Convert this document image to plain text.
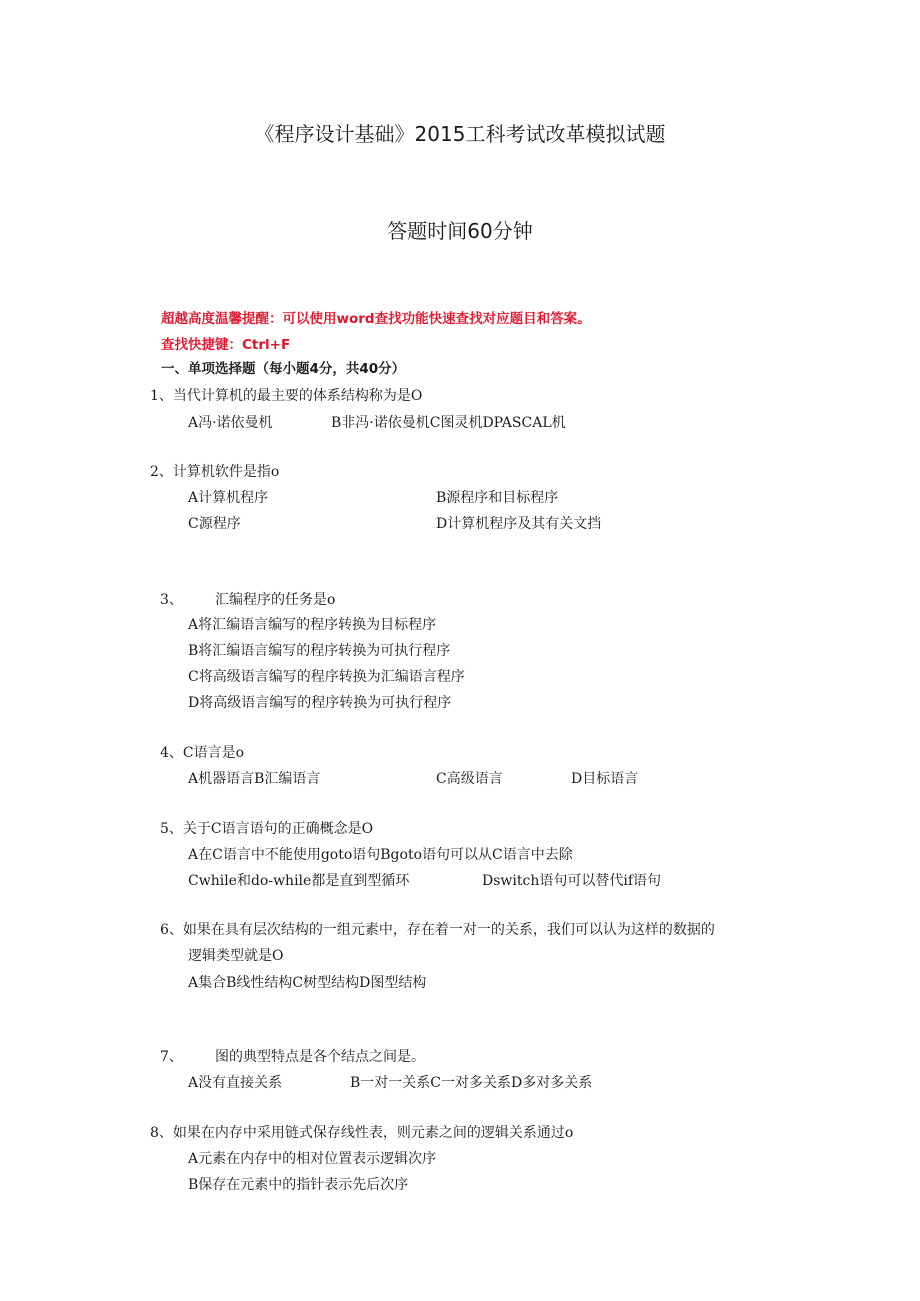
《程序设计基础》2015工科考试改革模拟试题
答题时间60分钟
超越高度温馨提醒：可以使用word查找功能快速查找对应题目和答案。
查找快捷键：Ctrl+F
一、单项选择题（每小题4分，共40分）
1、当代计算机的最主要的体系结构称为是O
A冯·诺依曼机	B非冯·诺依曼机C图灵机DPASCAL机
2、计算机软件是指o
A计算机程序	B源程序和目标程序
C源程序	D计算机程序及其有关文挡
3、 汇编程序的任务是o
A将汇编语言编写的程序转换为目标程序
B将汇编语言编写的程序转换为可执行程序
C将高级语言编写的程序转换为汇编语言程序
D将高级语言编写的程序转换为可执行程序
4、C语言是o
A机器语言B汇编语言	C高级语言	D目标语言
5、关于C语言语句的正确概念是O
A在C语言中不能使用goto语句Bgoto语句可以从C语言中去除
Cwhile和do-while都是直到型循环	Dswitch语句可以替代if语句
6、如果在具有层次结构的一组元素中，存在着一对一的关系，我们可以认为这样的数据的
逻辑类型就是O
A集合B线性结构C树型结构D图型结构
7、 图的典型特点是各个结点之间是。
A没有直接关系	B一对一关系C一对多关系D多对多关系
8、如果在内存中采用链式保存线性表，则元素之间的逻辑关系通过o
A元素在内存中的相对位置表示逻辑次序
B保存在元素中的指针表示先后次序
